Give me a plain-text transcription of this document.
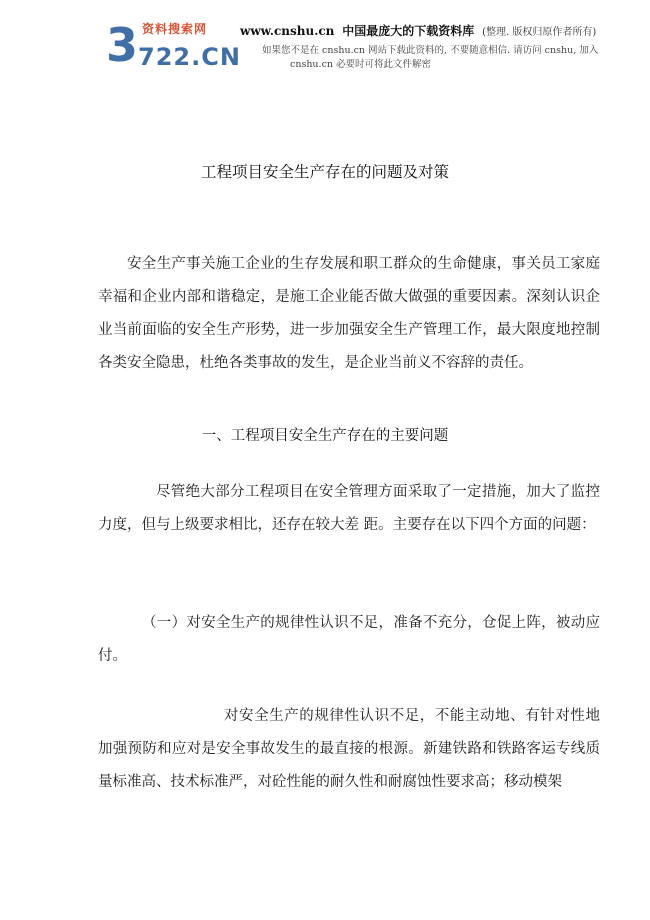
3 资料搜索网
722.CN
www.cnshu.cn 中国最庞大的下载资料库 (整理. 版权归原作者所有)
如果您不是在 cnshu.cn 网站下载此资料的, 不要随意相信. 请访问 cnshu, 加入
cnshu.cn 必要时可将此文件解密
工程项目安全生产存在的问题及对策
安全生产事关施工企业的生存发展和职工群众的生命健康，事关员工家庭幸福和企业内部和谐稳定，是施工企业能否做大做强的重要因素。深刻认识企业当前面临的安全生产形势，进一步加强安全生产管理工作，最大限度地控制各类安全隐患，杜绝各类事故的发生，是企业当前义不容辞的责任。
一、工程项目安全生产存在的主要问题
尽管绝大部分工程项目在安全管理方面采取了一定措施，加大了监控力度，但与上级要求相比，还存在较大差 距。主要存在以下四个方面的问题：
（一）对安全生产的规律性认识不足，准备不充分，仓促上阵，被动应付。
对安全生产的规律性认识不足，不能主动地、有针对性地加强预防和应对是安全事故发生的最直接的根源。新建铁路和铁路客运专线质量标准高、技术标准严，对砼性能的耐久性和耐腐蚀性要求高；移动模架
